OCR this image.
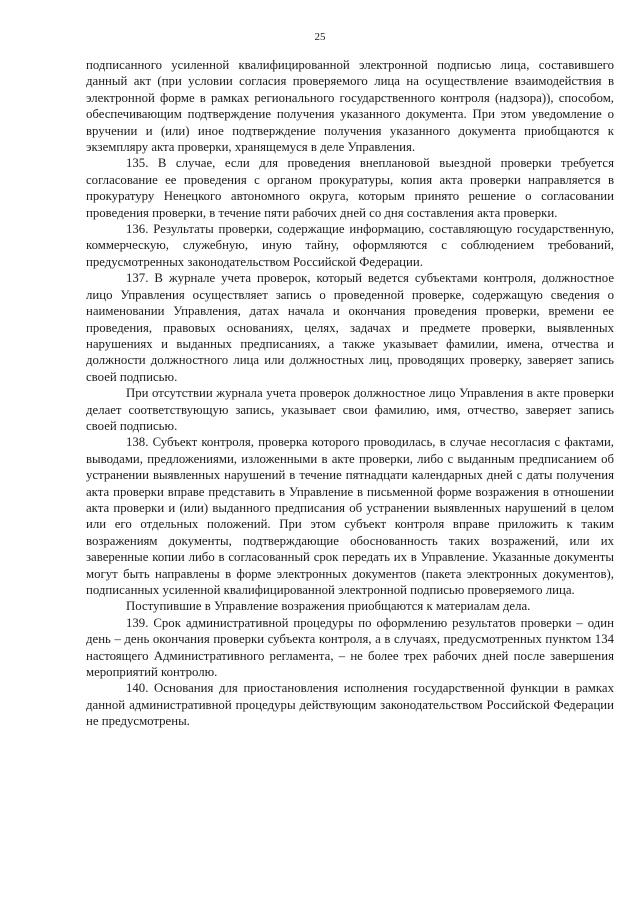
25

подписанного усиленной квалифицированной электронной подписью лица, составившего данный акт (при условии согласия проверяемого лица на осуществление взаимодействия в электронной форме в рамках регионального государственного контроля (надзора)), способом, обеспечивающим подтверждение получения указанного документа. При этом уведомление о вручении и (или) иное подтверждение получения указанного документа приобщаются к экземпляру акта проверки, хранящемуся в деле Управления.

135. В случае, если для проведения внеплановой выездной проверки требуется согласование ее проведения с органом прокуратуры, копия акта проверки направляется в прокуратуру Ненецкого автономного округа, которым принято решение о согласовании проведения проверки, в течение пяти рабочих дней со дня составления акта проверки.

136. Результаты проверки, содержащие информацию, составляющую государственную, коммерческую, служебную, иную тайну, оформляются с соблюдением требований, предусмотренных законодательством Российской Федерации.

137. В журнале учета проверок, который ведется субъектами контроля, должностное лицо Управления осуществляет запись о проведенной проверке, содержащую сведения о наименовании Управления, датах начала и окончания проведения проверки, времени ее проведения, правовых основаниях, целях, задачах и предмете проверки, выявленных нарушениях и выданных предписаниях, а также указывает фамилии, имена, отчества и должности должностного лица или должностных лиц, проводящих проверку, заверяет запись своей подписью.

При отсутствии журнала учета проверок должностное лицо Управления в акте проверки делает соответствующую запись, указывает свои фамилию, имя, отчество, заверяет запись своей подписью.

138. Субъект контроля, проверка которого проводилась, в случае несогласия с фактами, выводами, предложениями, изложенными в акте проверки, либо с выданным предписанием об устранении выявленных нарушений в течение пятнадцати календарных дней с даты получения акта проверки вправе представить в Управление в письменной форме возражения в отношении акта проверки и (или) выданного предписания об устранении выявленных нарушений в целом или его отдельных положений. При этом субъект контроля вправе приложить к таким возражениям документы, подтверждающие обоснованность таких возражений, или их заверенные копии либо в согласованный срок передать их в Управление. Указанные документы могут быть направлены в форме электронных документов (пакета электронных документов), подписанных усиленной квалифицированной электронной подписью проверяемого лица.

Поступившие в Управление возражения приобщаются к материалам дела.

139. Срок административной процедуры по оформлению результатов проверки – один день – день окончания проверки субъекта контроля, а в случаях, предусмотренных пунктом 134 настоящего Административного регламента, – не более трех рабочих дней после завершения мероприятий контролю.

140. Основания для приостановления исполнения государственной функции в рамках данной административной процедуры действующим законодательством Российской Федерации не предусмотрены.
